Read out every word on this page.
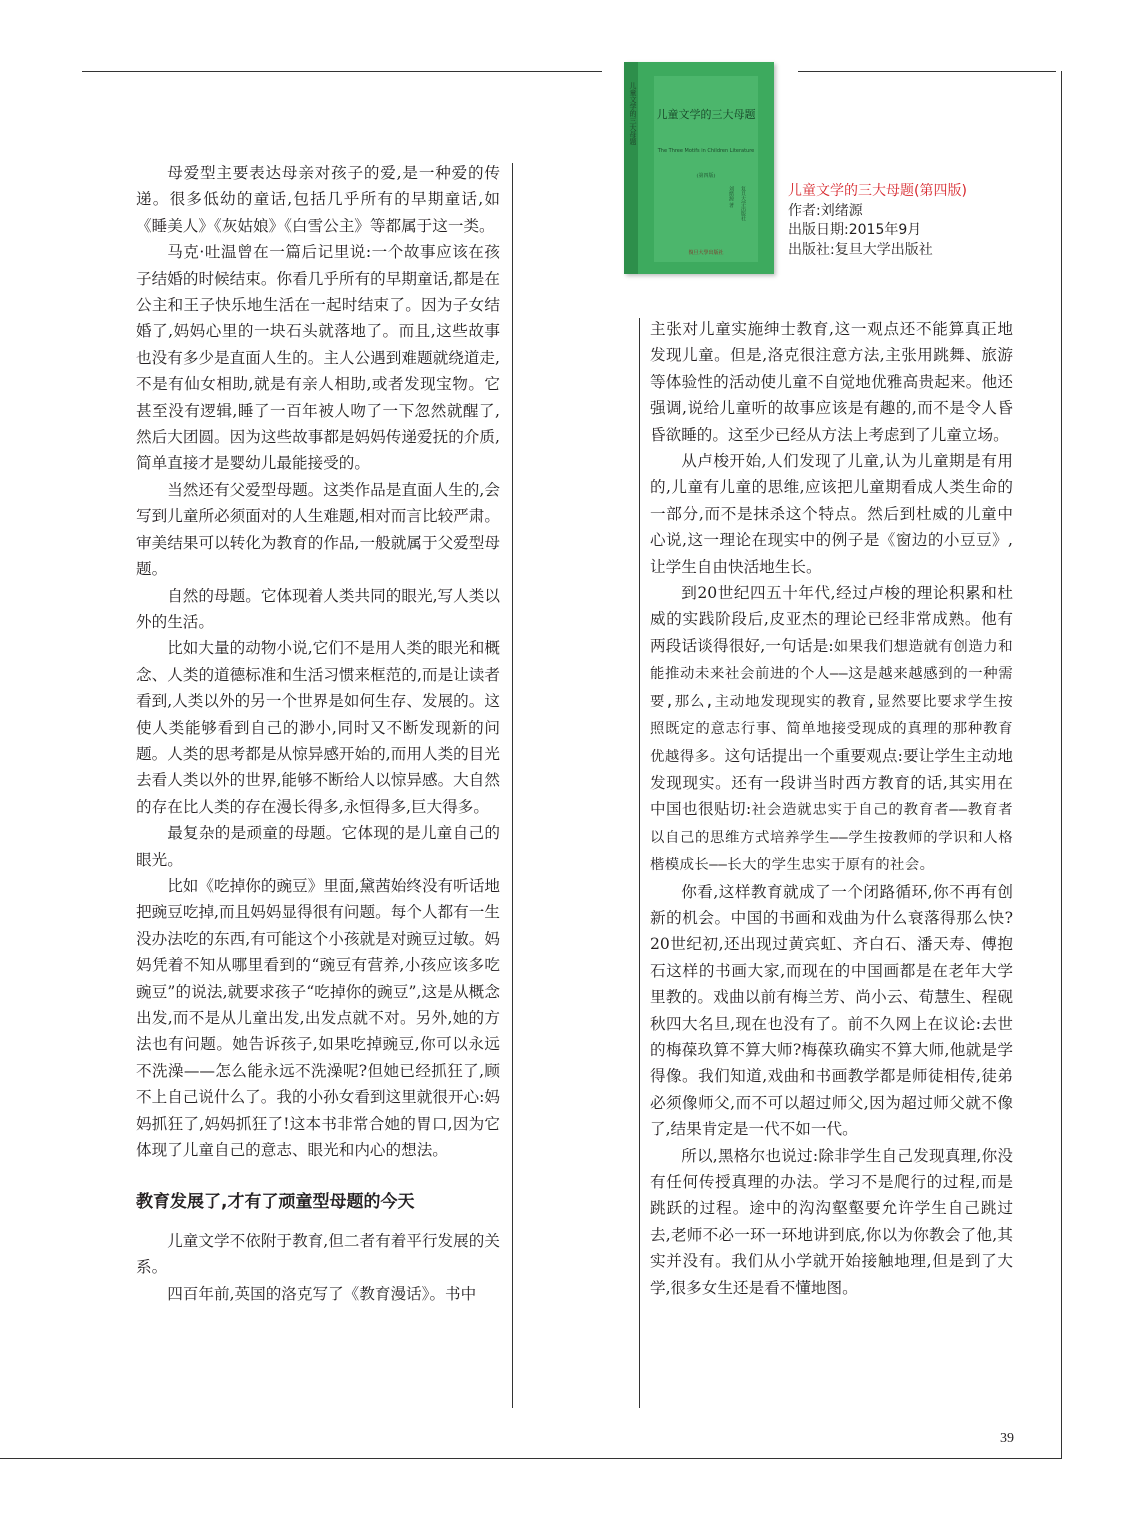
儿童文学的三大母题 儿童文学的三大母题
The Three Motifs in Children Literature
(第四版)
刘绪源 著 复旦大学出版社
復旦大學出版社
儿童文学的三大母题(第四版)
作者:刘绪源
出版日期:2015年9月
出版社:复旦大学出版社

母爱型主要表达母亲对孩子的爱,是一种爱的传递。很多低幼的童话,包括几乎所有的早期童话,如《睡美人》《灰姑娘》《白雪公主》等都属于这一类。

马克·吐温曾在一篇后记里说:一个故事应该在孩子结婚的时候结束。你看几乎所有的早期童话,都是在公主和王子快乐地生活在一起时结束了。因为子女结婚了,妈妈心里的一块石头就落地了。而且,这些故事也没有多少是直面人生的。主人公遇到难题就绕道走,不是有仙女相助,就是有亲人相助,或者发现宝物。它甚至没有逻辑,睡了一百年被人吻了一下忽然就醒了,然后大团圆。因为这些故事都是妈妈传递爱抚的介质,简单直接才是婴幼儿最能接受的。

当然还有父爱型母题。这类作品是直面人生的,会写到儿童所必须面对的人生难题,相对而言比较严肃。审美结果可以转化为教育的作品,一般就属于父爱型母题。

自然的母题。它体现着人类共同的眼光,写人类以外的生活。

比如大量的动物小说,它们不是用人类的眼光和概念、人类的道德标准和生活习惯来框范的,而是让读者看到,人类以外的另一个世界是如何生存、发展的。这使人类能够看到自己的渺小,同时又不断发现新的问题。人类的思考都是从惊异感开始的,而用人类的目光去看人类以外的世界,能够不断给人以惊异感。大自然的存在比人类的存在漫长得多,永恒得多,巨大得多。

最复杂的是顽童的母题。它体现的是儿童自己的眼光。

比如《吃掉你的豌豆》里面,黛茜始终没有听话地把豌豆吃掉,而且妈妈显得很有问题。每个人都有一生没办法吃的东西,有可能这个小孩就是对豌豆过敏。妈妈凭着不知从哪里看到的“豌豆有营养,小孩应该多吃豌豆”的说法,就要求孩子“吃掉你的豌豆”,这是从概念出发,而不是从儿童出发,出发点就不对。另外,她的方法也有问题。她告诉孩子,如果吃掉豌豆,你可以永远不洗澡——怎么能永远不洗澡呢?但她已经抓狂了,顾不上自己说什么了。我的小孙女看到这里就很开心:妈妈抓狂了,妈妈抓狂了!这本书非常合她的胃口,因为它体现了儿童自己的意志、眼光和内心的想法。

教育发展了,才有了顽童型母题的今天

儿童文学不依附于教育,但二者有着平行发展的关系。

四百年前,英国的洛克写了《教育漫话》。书中

主张对儿童实施绅士教育,这一观点还不能算真正地发现儿童。但是,洛克很注意方法,主张用跳舞、旅游等体验性的活动使儿童不自觉地优雅高贵起来。他还强调,说给儿童听的故事应该是有趣的,而不是令人昏昏欲睡的。这至少已经从方法上考虑到了儿童立场。

从卢梭开始,人们发现了儿童,认为儿童期是有用的,儿童有儿童的思维,应该把儿童期看成人类生命的一部分,而不是抹杀这个特点。然后到杜威的儿童中心说,这一理论在现实中的例子是《窗边的小豆豆》,让学生自由快活地生长。

到20世纪四五十年代,经过卢梭的理论积累和杜威的实践阶段后,皮亚杰的理论已经非常成熟。他有两段话谈得很好,一句话是:如果我们想造就有创造力和能推动未来社会前进的个人——这是越来越感到的一种需要,那么,主动地发现现实的教育,显然要比要求学生按照既定的意志行事、简单地接受现成的真理的那种教育优越得多。这句话提出一个重要观点:要让学生主动地发现现实。还有一段讲当时西方教育的话,其实用在中国也很贴切:社会造就忠实于自己的教育者——教育者以自己的思维方式培养学生——学生按教师的学识和人格楷模成长——长大的学生忠实于原有的社会。

你看,这样教育就成了一个闭路循环,你不再有创新的机会。中国的书画和戏曲为什么衰落得那么快?20世纪初,还出现过黄宾虹、齐白石、潘天寿、傅抱石这样的书画大家,而现在的中国画都是在老年大学里教的。戏曲以前有梅兰芳、尚小云、荀慧生、程砚秋四大名旦,现在也没有了。前不久网上在议论:去世的梅葆玖算不算大师?梅葆玖确实不算大师,他就是学得像。我们知道,戏曲和书画教学都是师徒相传,徒弟必须像师父,而不可以超过师父,因为超过师父就不像了,结果肯定是一代不如一代。

所以,黑格尔也说过:除非学生自己发现真理,你没有任何传授真理的办法。学习不是爬行的过程,而是跳跃的过程。途中的沟沟壑壑要允许学生自己跳过去,老师不必一环一环地讲到底,你以为你教会了他,其实并没有。我们从小学就开始接触地理,但是到了大学,很多女生还是看不懂地图。

39
